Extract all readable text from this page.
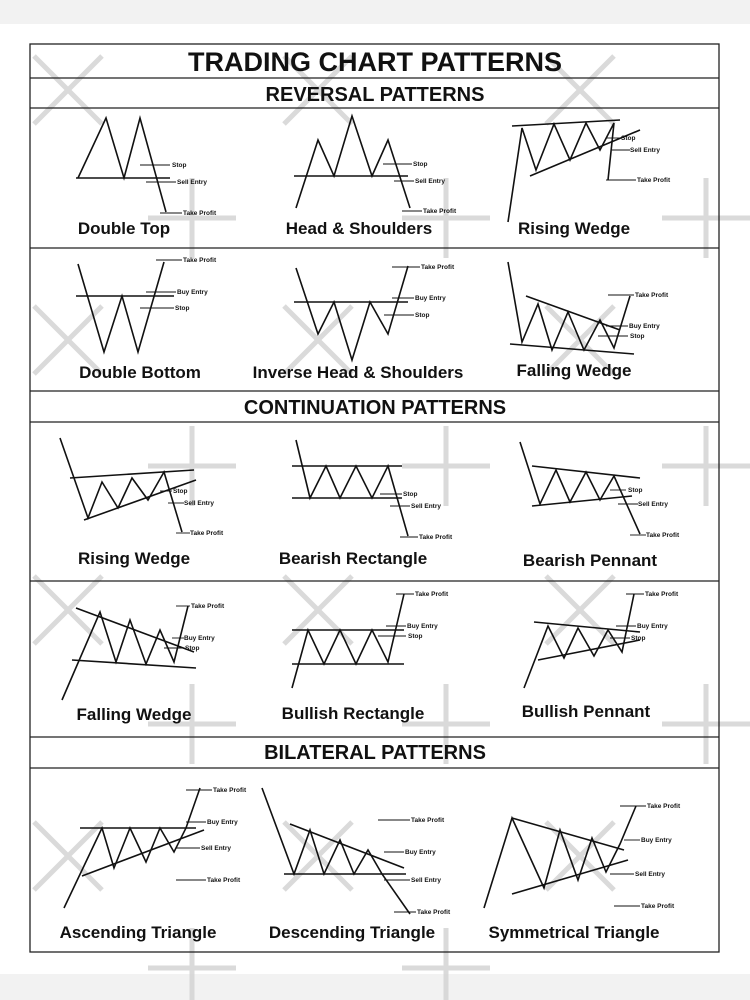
TRADING CHART PATTERNS
REVERSAL PATTERNS
CONTINUATION PATTERNS
BILATERAL PATTERNS
Stop
Sell Entry
Take Profit
Double Top
Stop
Sell Entry
Take Profit
Head & Shoulders
Stop
Sell Entry
Take Profit
Rising Wedge
Take Profit
Buy Entry
Stop
Double Bottom
Take Profit
Buy Entry
Stop
Inverse Head & Shoulders
Take Profit
Buy Entry
Stop
Falling Wedge
Stop
Sell Entry
Take Profit
Rising Wedge
Stop
Sell Entry
Take Profit
Bearish Rectangle
Stop
Sell Entry
Take Profit
Bearish Pennant
Take Profit
Buy Entry
Stop
Falling Wedge
Take Profit
Buy Entry
Stop
Bullish Rectangle
Take Profit
Buy Entry
Stop
Bullish Pennant
Take Profit
Buy Entry
Sell Entry
Take Profit
Ascending Triangle
Take Profit
Buy Entry
Sell Entry
Take Profit
Descending Triangle
Take Profit
Buy Entry
Sell Entry
Take Profit
Symmetrical Triangle
